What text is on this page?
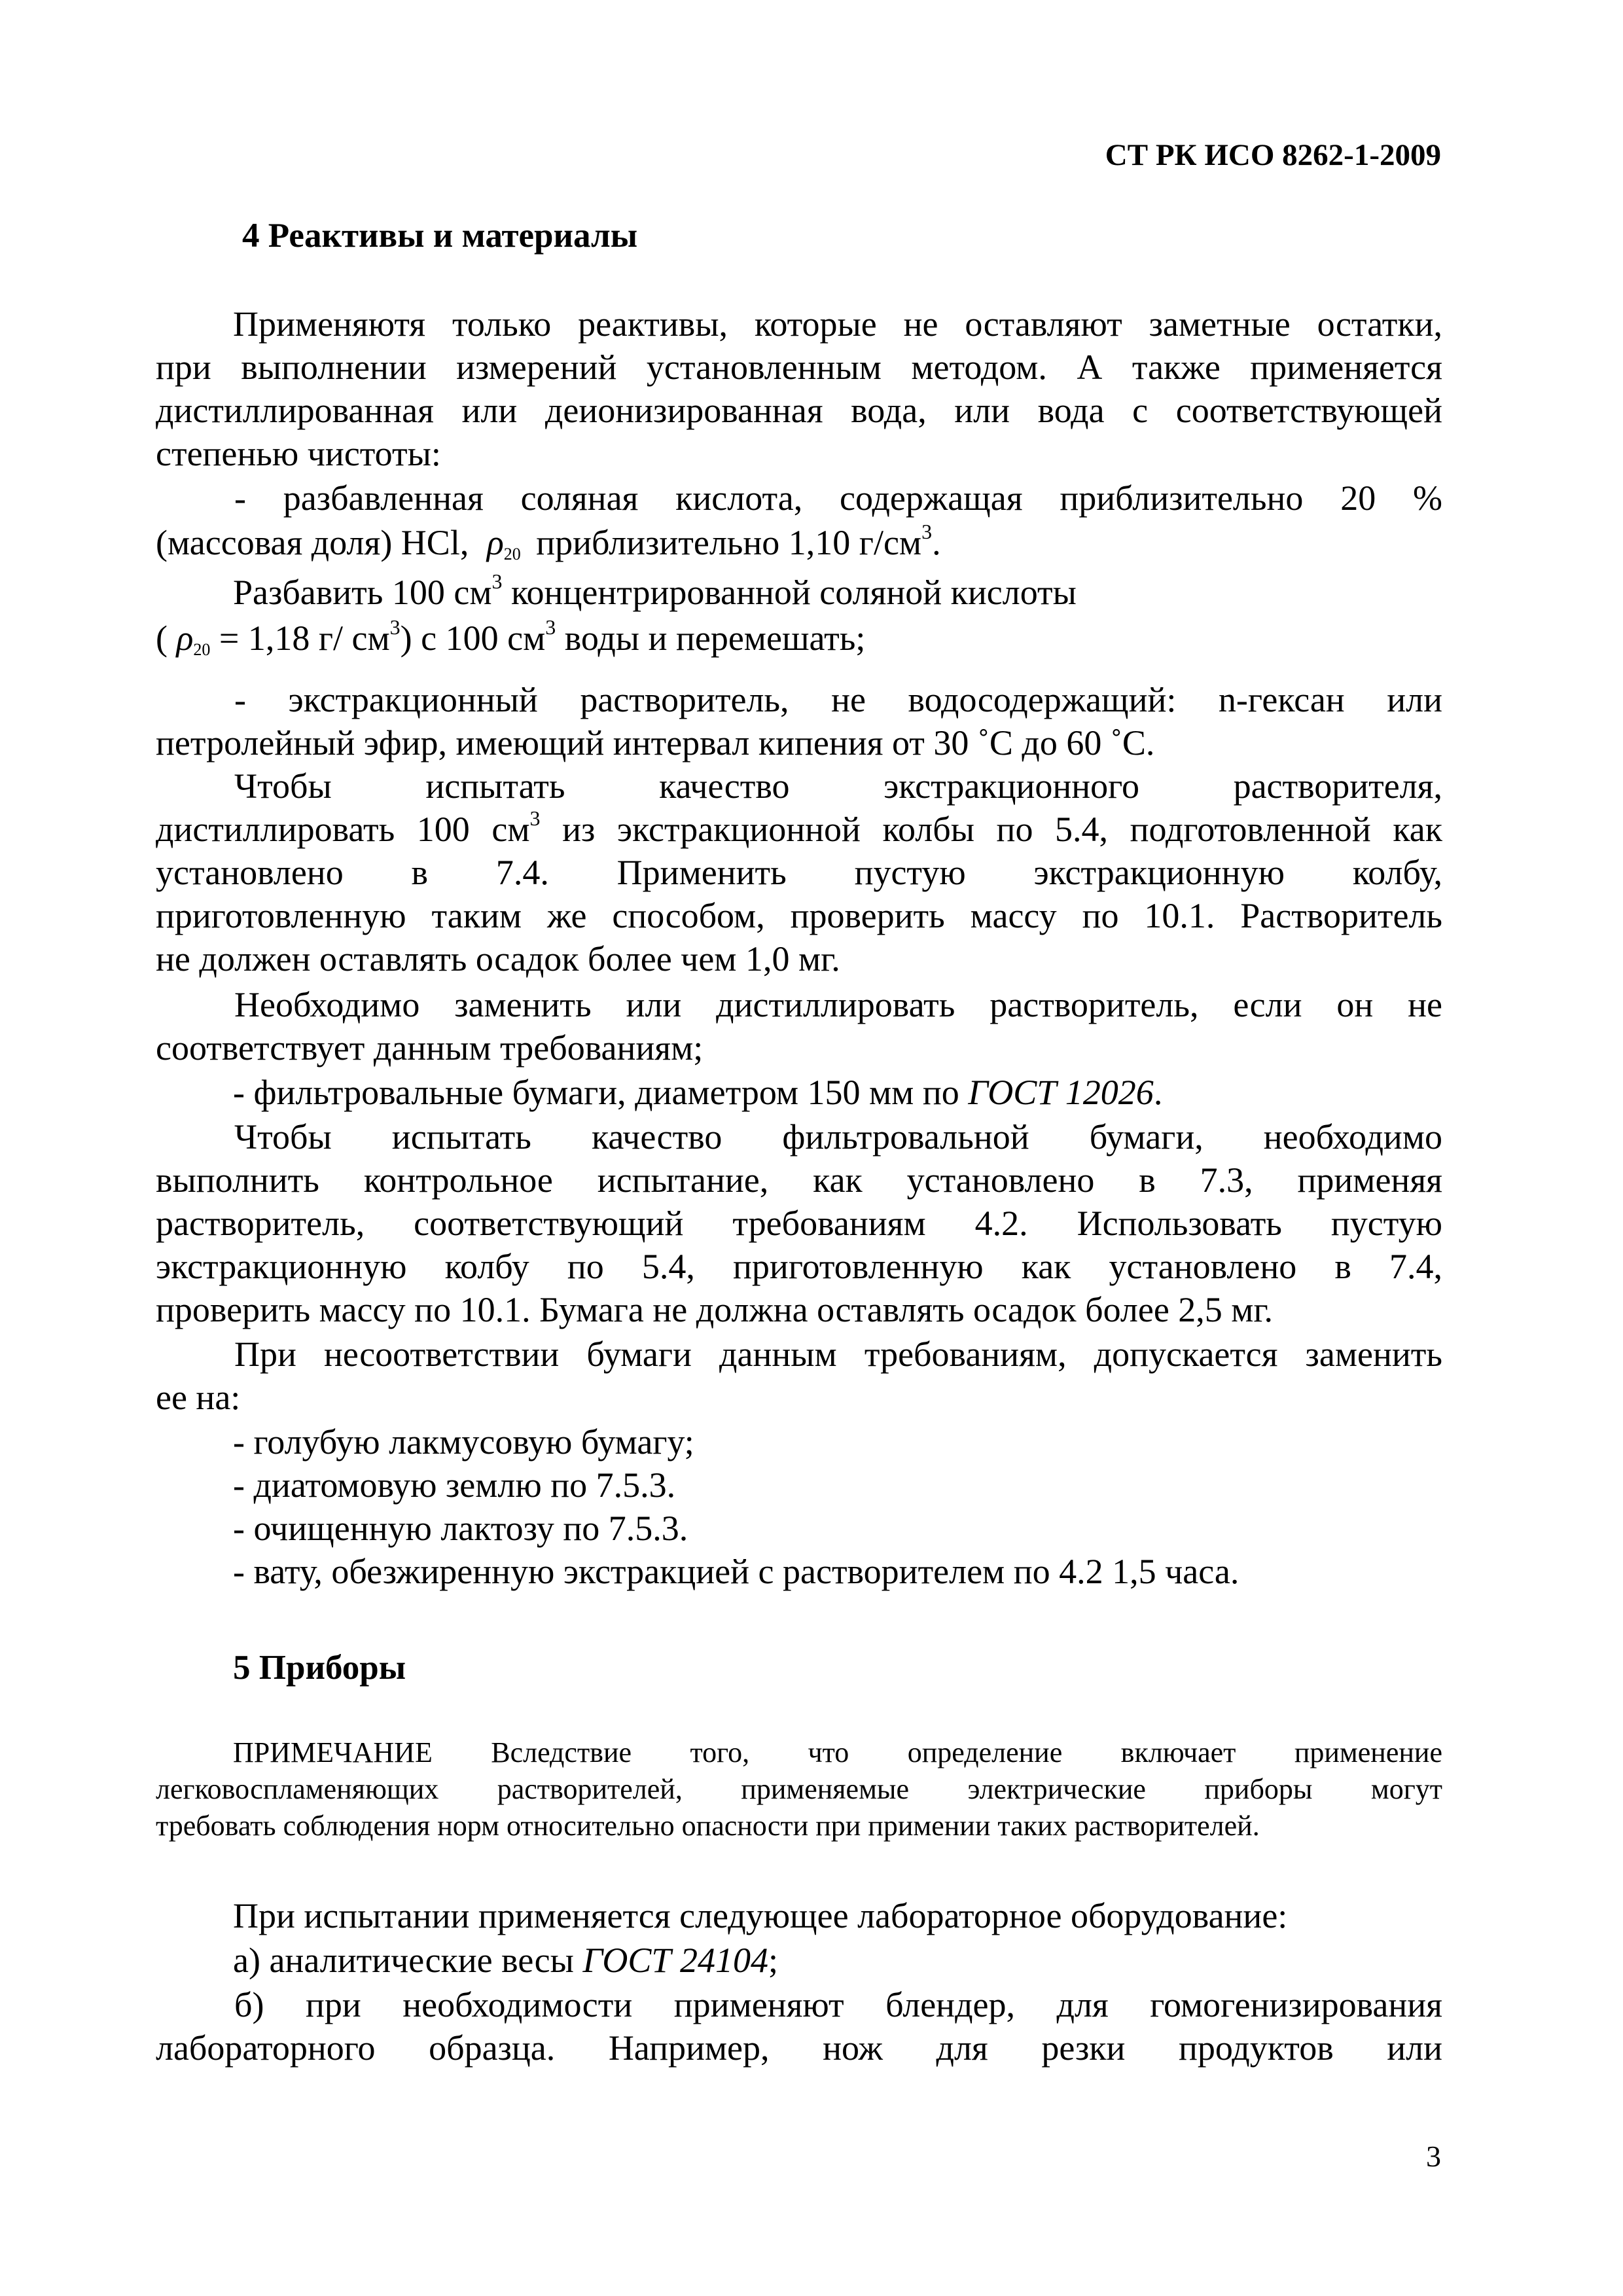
СТ РК ИСО 8262-1-2009
4 Реактивы и материалы
Применяютя только реактивы, которые не оставляют заметные остатки,
при выполнении измерений установленным методом. А также применяется
дистиллированная или деионизированная вода, или вода с соответствующей
степенью чистоты:
- разбавленная соляная кислота, содержащая приблизительно 20 %
(массовая доля) HCl, $\rho_{20}$ приблизительно 1,10 $г/см^3$.
Разбавить 100 $см^3$ концентрированной соляной кислоты
( $\rho_{20} = 1,18$ г/ $см^3$) с 100 $см^3$ воды и перемешать;
- экстракционный растворитель, не водосодержащий: n-гексан или
петролейный эфир, имеющий интервал кипения от 30 ˚С до 60 ˚С.
Чтобы испытать качество экстракционного растворителя,
дистиллировать 100 $см^3$ из экстракционной колбы по 5.4, подготовленной как
установлено в 7.4. Применить пустую экстракционную колбу,
приготовленную таким же способом, проверить массу по 10.1. Растворитель
не должен оставлять осадок более чем 1,0 мг.
Необходимо заменить или дистиллировать растворитель, если он не
соответствует данным требованиям;
- фильтровальные бумаги, диаметром 150 мм по ГОСТ 12026.
Чтобы испытать качество фильтровальной бумаги, необходимо
выполнить контрольное испытание, как установлено в 7.3, применяя
растворитель, соответствующий требованиям 4.2. Использовать пустую
экстракционную колбу по 5.4, приготовленную как установлено в 7.4,
проверить массу по 10.1. Бумага не должна оставлять осадок более 2,5 мг.
При несоответствии бумаги данным требованиям, допускается заменить
ее на:
- голубую лакмусовую бумагу;
- диатомовую землю по 7.5.3.
- очищенную лактозу по 7.5.3.
- вату, обезжиренную экстракцией с растворителем по 4.2 1,5 часа.
5 Приборы
ПРИМЕЧАНИЕ Вследствие того, что определение включает применение
легковоспламеняющих растворителей, применяемые электрические приборы могут
требовать соблюдения норм относительно опасности при примении таких растворителей.
При испытании применяется следующее лабораторное оборудование:
а) аналитические весы ГОСТ 24104;
б) при необходимости применяют блендер, для гомогенизирования
лабораторного образца. Например, нож для резки продуктов или
3
